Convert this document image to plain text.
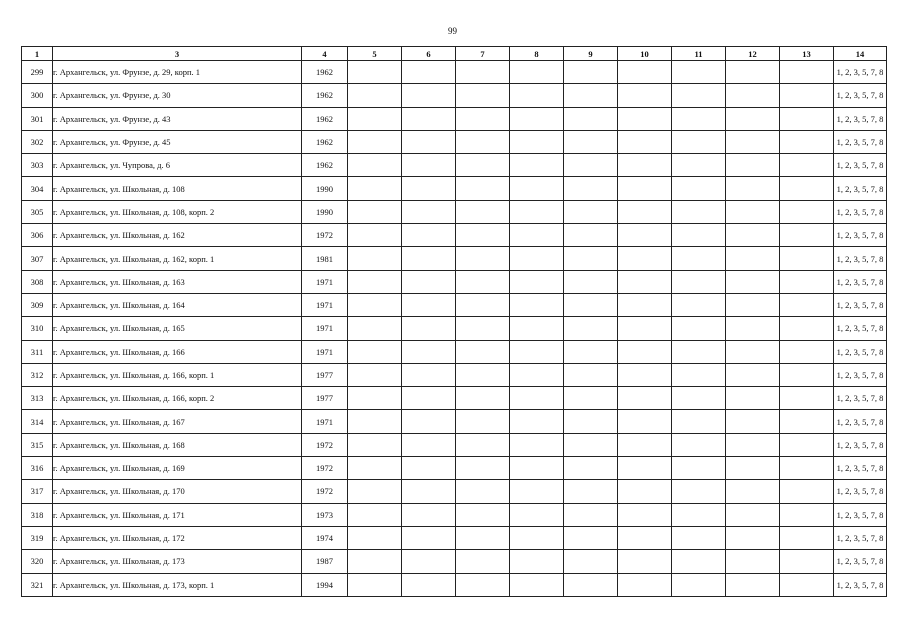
99
1	3	4	5	6	7	8	9	10	11	12	13	14
299	г. Архангельск, ул. Фрунзе, д. 29, корп. 1	1962										1, 2, 3, 5, 7, 8
300	г. Архангельск, ул. Фрунзе, д. 30	1962										1, 2, 3, 5, 7, 8
301	г. Архангельск, ул. Фрунзе, д. 43	1962										1, 2, 3, 5, 7, 8
302	г. Архангельск, ул. Фрунзе, д. 45	1962										1, 2, 3, 5, 7, 8
303	г. Архангельск, ул. Чупрова, д. 6	1962										1, 2, 3, 5, 7, 8
304	г. Архангельск, ул. Школьная, д. 108	1990										1, 2, 3, 5, 7, 8
305	г. Архангельск, ул. Школьная, д. 108, корп. 2	1990										1, 2, 3, 5, 7, 8
306	г. Архангельск, ул. Школьная, д. 162	1972										1, 2, 3, 5, 7, 8
307	г. Архангельск, ул. Школьная, д. 162, корп. 1	1981										1, 2, 3, 5, 7, 8
308	г. Архангельск, ул. Школьная, д. 163	1971										1, 2, 3, 5, 7, 8
309	г. Архангельск, ул. Школьная, д. 164	1971										1, 2, 3, 5, 7, 8
310	г. Архангельск, ул. Школьная, д. 165	1971										1, 2, 3, 5, 7, 8
311	г. Архангельск, ул. Школьная, д. 166	1971										1, 2, 3, 5, 7, 8
312	г. Архангельск, ул. Школьная, д. 166, корп. 1	1977										1, 2, 3, 5, 7, 8
313	г. Архангельск, ул. Школьная, д. 166, корп. 2	1977										1, 2, 3, 5, 7, 8
314	г. Архангельск, ул. Школьная, д. 167	1971										1, 2, 3, 5, 7, 8
315	г. Архангельск, ул. Школьная, д. 168	1972										1, 2, 3, 5, 7, 8
316	г. Архангельск, ул. Школьная, д. 169	1972										1, 2, 3, 5, 7, 8
317	г. Архангельск, ул. Школьная, д. 170	1972										1, 2, 3, 5, 7, 8
318	г. Архангельск, ул. Школьная, д. 171	1973										1, 2, 3, 5, 7, 8
319	г. Архангельск, ул. Школьная, д. 172	1974										1, 2, 3, 5, 7, 8
320	г. Архангельск, ул. Школьная, д. 173	1987										1, 2, 3, 5, 7, 8
321	г. Архангельск, ул. Школьная, д. 173, корп. 1	1994										1, 2, 3, 5, 7, 8
